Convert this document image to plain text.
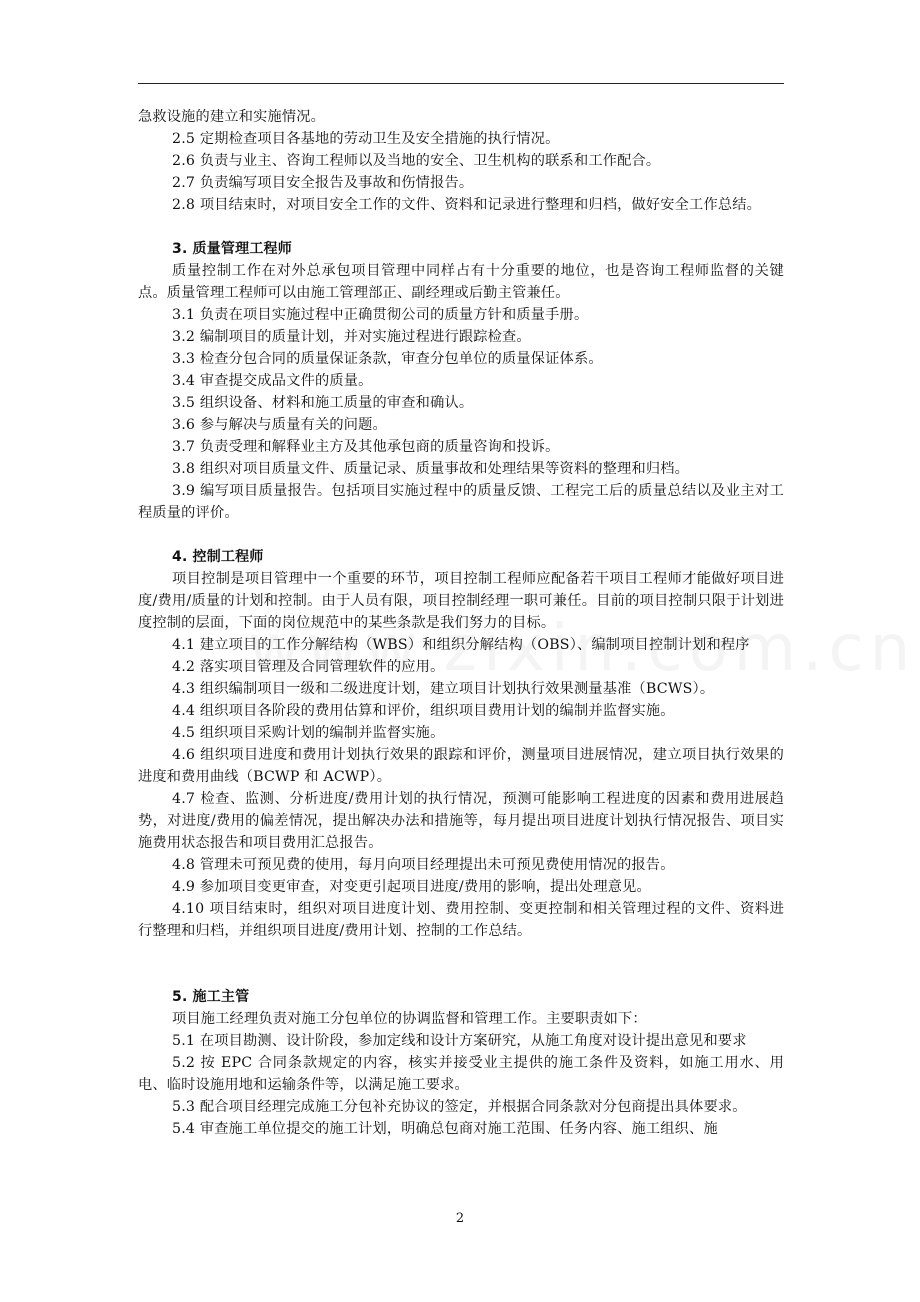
急救设施的建立和实施情况。

2.5 定期检查项目各基地的劳动卫生及安全措施的执行情况。

2.6 负责与业主、咨询工程师以及当地的安全、卫生机构的联系和工作配合。

2.7 负责编写项目安全报告及事故和伤情报告。

2.8 项目结束时，对项目安全工作的文件、资料和记录进行整理和归档，做好安全工作总结。

3. 质量管理工程师

质量控制工作在对外总承包项目管理中同样占有十分重要的地位，也是咨询工程师监督的关键点。质量管理工程师可以由施工管理部正、副经理或后勤主管兼任。

3.1 负责在项目实施过程中正确贯彻公司的质量方针和质量手册。

3.2 编制项目的质量计划，并对实施过程进行跟踪检查。

3.3 检查分包合同的质量保证条款，审查分包单位的质量保证体系。

3.4 审查提交成品文件的质量。

3.5 组织设备、材料和施工质量的审查和确认。

3.6 参与解决与质量有关的问题。

3.7 负责受理和解释业主方及其他承包商的质量咨询和投诉。

3.8 组织对项目质量文件、质量记录、质量事故和处理结果等资料的整理和归档。

3.9 编写项目质量报告。包括项目实施过程中的质量反馈、工程完工后的质量总结以及业主对工程质量的评价。

4. 控制工程师

项目控制是项目管理中一个重要的环节，项目控制工程师应配备若干项目工程师才能做好项目进度/费用/质量的计划和控制。由于人员有限，项目控制经理一职可兼任。目前的项目控制只限于计划进度控制的层面，下面的岗位规范中的某些条款是我们努力的目标。

4.1 建立项目的工作分解结构（WBS）和组织分解结构（OBS）、编制项目控制计划和程序

4.2 落实项目管理及合同管理软件的应用。

4.3 组织编制项目一级和二级进度计划，建立项目计划执行效果测量基准（BCWS）。

4.4 组织项目各阶段的费用估算和评价，组织项目费用计划的编制并监督实施。

4.5 组织项目采购计划的编制并监督实施。

4.6 组织项目进度和费用计划执行效果的跟踪和评价，测量项目进展情况，建立项目执行效果的进度和费用曲线（BCWP 和 ACWP）。

4.7 检查、监测、分析进度/费用计划的执行情况，预测可能影响工程进度的因素和费用进展趋势，对进度/费用的偏差情况，提出解决办法和措施等，每月提出项目进度计划执行情况报告、项目实施费用状态报告和项目费用汇总报告。

4.8 管理未可预见费的使用，每月向项目经理提出未可预见费使用情况的报告。

4.9 参加项目变更审查，对变更引起项目进度/费用的影响，提出处理意见。

4.10 项目结束时，组织对项目进度计划、费用控制、变更控制和相关管理过程的文件、资料进行整理和归档，并组织项目进度/费用计划、控制的工作总结。

5. 施工主管

项目施工经理负责对施工分包单位的协调监督和管理工作。主要职责如下：

5.1 在项目勘测、设计阶段，参加定线和设计方案研究，从施工角度对设计提出意见和要求

5.2 按 EPC 合同条款规定的内容，核实并接受业主提供的施工条件及资料，如施工用水、用电、临时设施用地和运输条件等，以满足施工要求。

5.3 配合项目经理完成施工分包补充协议的签定，并根据合同条款对分包商提出具体要求。

5.4 审查施工单位提交的施工计划，明确总包商对施工范围、任务内容、施工组织、施

2
